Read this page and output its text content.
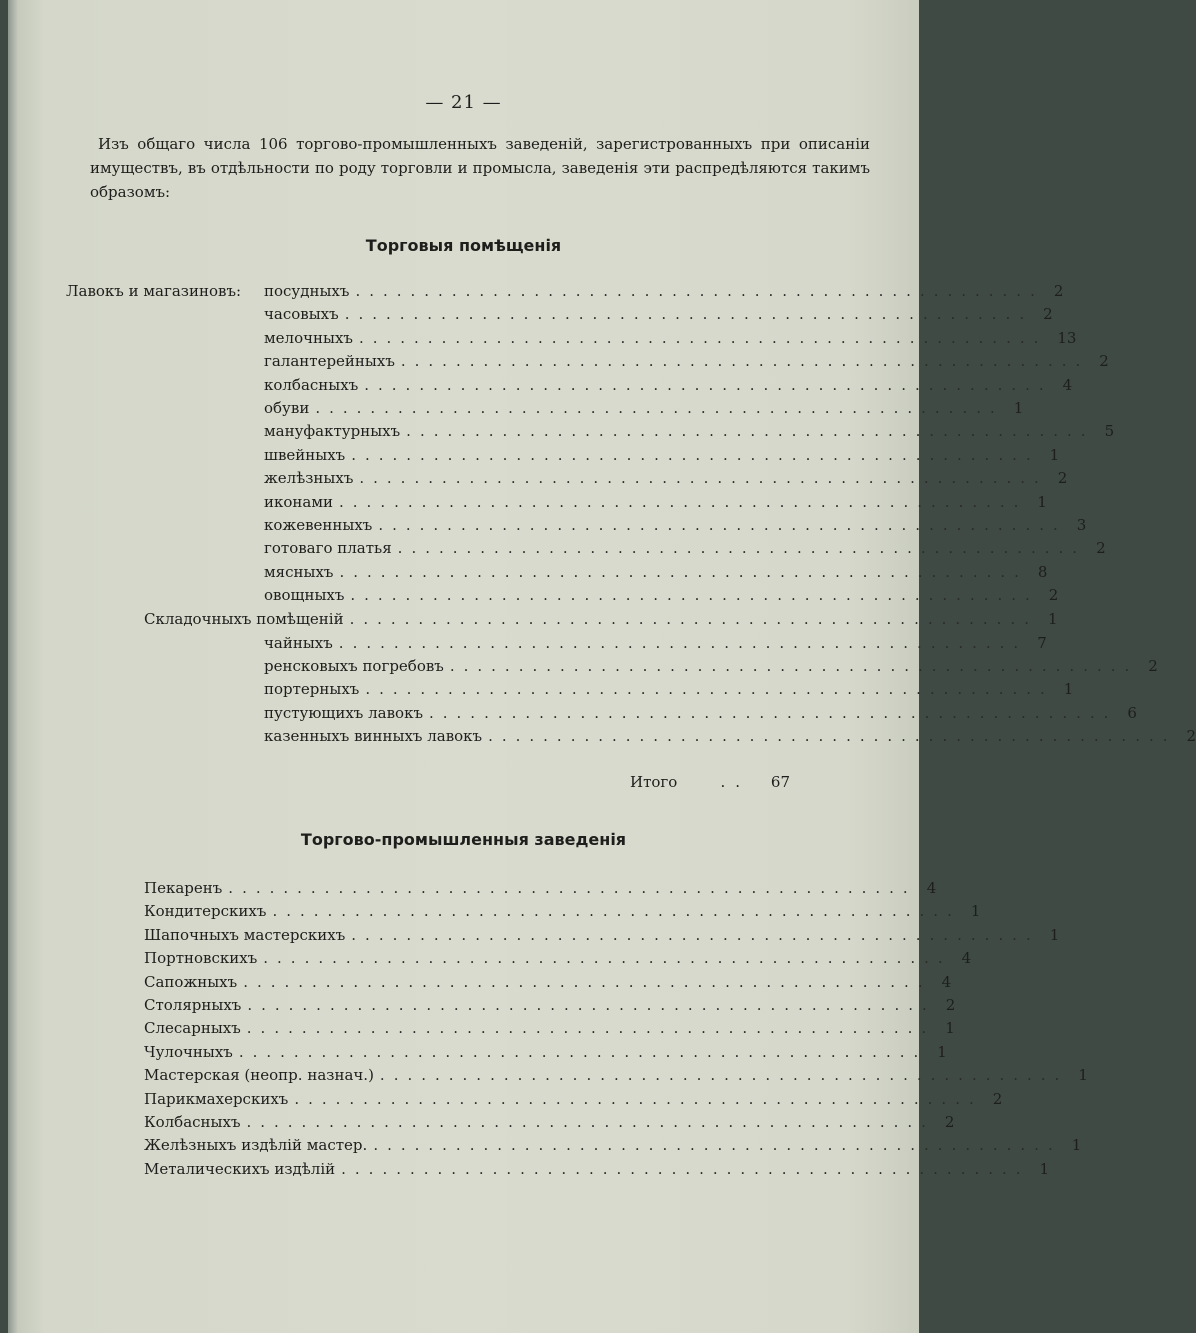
— 21 —
Изъ общаго числа 106 торгово-промышленныхъ заведеній, зарегистрованныхъ при описаніи имуществъ, въ отдѣльности по роду торговли и промысла, заведенія эти распредѣляются такимъ образомъ:
Торговыя помѣщенія
Лавокъ и магазиновъ: посудныхъ .................................................. 2
часовыхъ .................................................. 2
мелочныхъ .................................................. 13
галантерейныхъ .................................................. 2
колбасныхъ .................................................. 4
обуви .................................................. 1
мануфактурныхъ .................................................. 5
швейныхъ .................................................. 1
желѣзныхъ .................................................. 2
иконами .................................................. 1
кожевенныхъ .................................................. 3
готоваго платья .................................................. 2
мясныхъ .................................................. 8
овощныхъ .................................................. 2
Складочныхъ помѣщеній .................................................. 1
чайныхъ .................................................. 7
ренсковыхъ погребовъ .................................................. 2
портерныхъ .................................................. 1
пустующихъ лавокъ .................................................. 6
казенныхъ винныхъ лавокъ .................................................. 2
Итого	..	67
Торгово-промышленныя заведенія
Пекаренъ .................................................. 4
Кондитерскихъ .................................................. 1
Шапочныхъ мастерскихъ .................................................. 1
Портновскихъ .................................................. 4
Сапожныхъ .................................................. 4
Столярныхъ .................................................. 2
Слесарныхъ .................................................. 1
Чулочныхъ .................................................. 1
Мастерская (неопр. назнач.) .................................................. 1
Парикмахерскихъ .................................................. 2
Колбасныхъ .................................................. 2
Желѣзныхъ издѣлій мастер. .................................................. 1
Металическихъ издѣлій .................................................. 1
